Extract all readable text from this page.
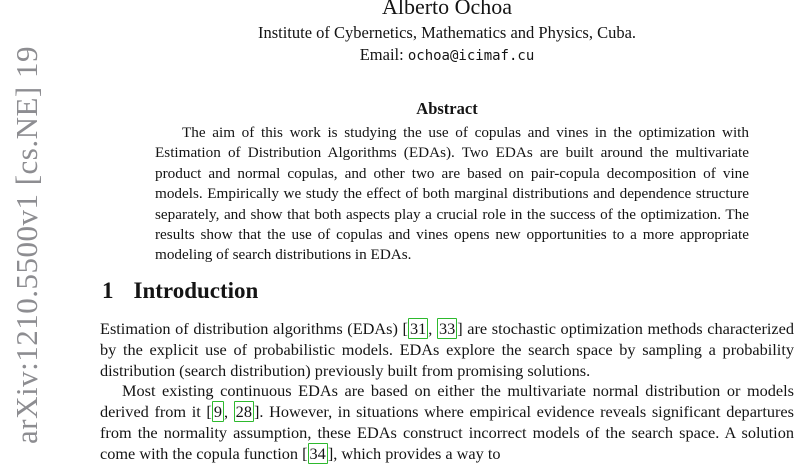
arXiv:1210.5500v1 [cs.NE] 19
Alberto Ochoa
Institute of Cybernetics, Mathematics and Physics, Cuba.
Email: ochoa@icimaf.cu
Abstract
The aim of this work is studying the use of copulas and vines in the optimization with Estimation of Distribution Algorithms (EDAs). Two EDAs are built around the multivariate product and normal copulas, and other two are based on pair-copula decomposition of vine models. Empirically we study the effect of both marginal distributions and dependence structure separately, and show that both aspects play a crucial role in the success of the optimization. The results show that the use of copulas and vines opens new opportunities to a more appropriate modeling of search distributions in EDAs.
1 Introduction

Estimation of distribution algorithms (EDAs) [ 31 , 33 ] are stochastic optimization methods characterized by the explicit use of probabilistic models. EDAs explore the search space by sampling a probability distribution (search distribution) previously built from promising solutions.

Most existing continuous EDAs are based on either the multivariate normal distribution or models derived from it [ 9 , 28 ]. However, in situations where empirical evidence reveals significant departures from the normality assumption, these EDAs construct incorrect models of the search space. A solution come with the copula function [ 34 ], which provides a way to
